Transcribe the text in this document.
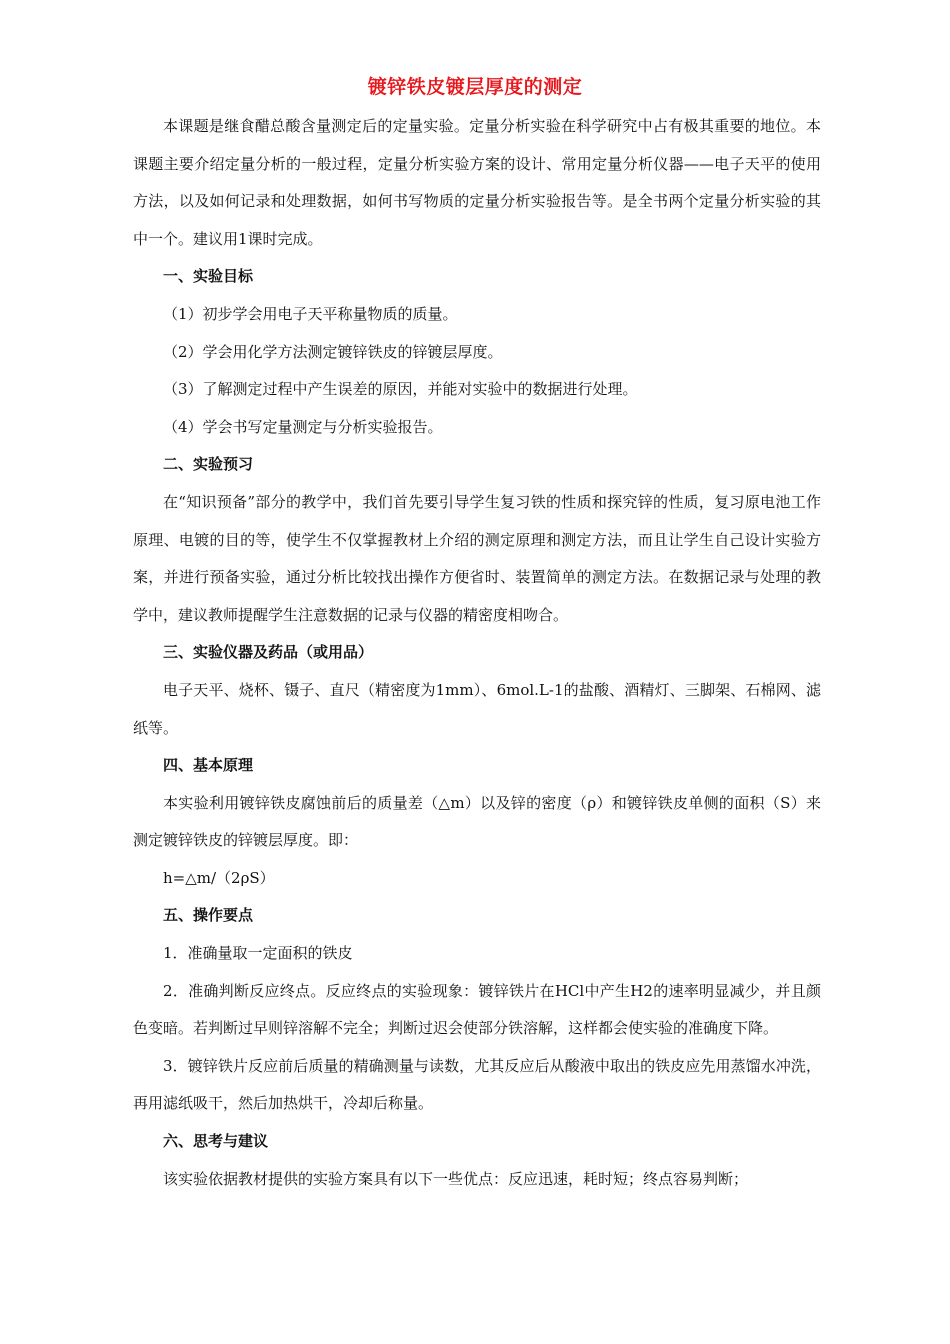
镀锌铁皮镀层厚度的测定

本课题是继食醋总酸含量测定后的定量实验。定量分析实验在科学研究中占有极其重要的地位。本课题主要介绍定量分析的一般过程，定量分析实验方案的设计、常用定量分析仪器——电子天平的使用方法，以及如何记录和处理数据，如何书写物质的定量分析实验报告等。是全书两个定量分析实验的其中一个。建议用1课时完成。

一、实验目标

（1）初步学会用电子天平称量物质的质量。

（2）学会用化学方法测定镀锌铁皮的锌镀层厚度。

（3）了解测定过程中产生误差的原因，并能对实验中的数据进行处理。

（4）学会书写定量测定与分析实验报告。

二、实验预习

在“知识预备”部分的教学中，我们首先要引导学生复习铁的性质和探究锌的性质，复习原电池工作原理、电镀的目的等，使学生不仅掌握教材上介绍的测定原理和测定方法，而且让学生自己设计实验方案，并进行预备实验，通过分析比较找出操作方便省时、装置简单的测定方法。在数据记录与处理的教学中，建议教师提醒学生注意数据的记录与仪器的精密度相吻合。

三、实验仪器及药品（或用品）

电子天平、烧杯、镊子、直尺（精密度为1mm）、6mol.L-1的盐酸、酒精灯、三脚架、石棉网、滤纸等。

四、基本原理

本实验利用镀锌铁皮腐蚀前后的质量差（△m）以及锌的密度（ρ）和镀锌铁皮单侧的面积（S）来测定镀锌铁皮的锌镀层厚度。即：

h=△m/（2ρS）

五、操作要点

1．准确量取一定面积的铁皮

2．准确判断反应终点。反应终点的实验现象：镀锌铁片在HCl中产生H2的速率明显减少，并且颜色变暗。若判断过早则锌溶解不完全；判断过迟会使部分铁溶解，这样都会使实验的准确度下降。

3．镀锌铁片反应前后质量的精确测量与读数，尤其反应后从酸液中取出的铁皮应先用蒸馏水冲洗，再用滤纸吸干，然后加热烘干，冷却后称量。

六、思考与建议

该实验依据教材提供的实验方案具有以下一些优点：反应迅速，耗时短；终点容易判断；
